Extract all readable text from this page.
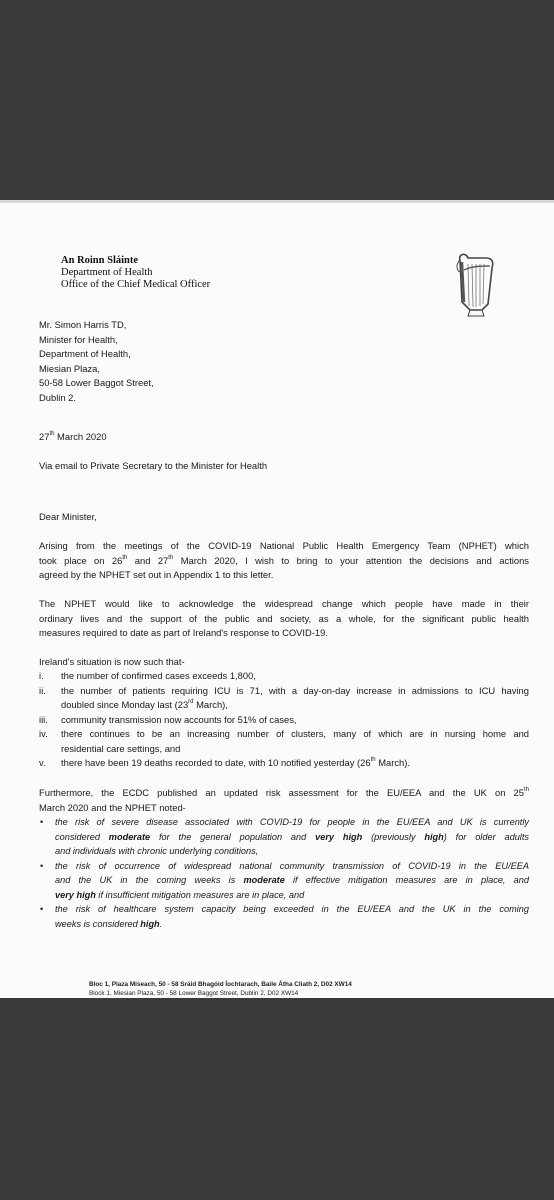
An Roinn Sláinte
Department of Health
Office of the Chief Medical Officer

Mr. Simon Harris TD,

Minister for Health,

Department of Health,

Miesian Plaza,

50-58 Lower Baggot Street,

Dublin 2.

27th March 2020
Via email to Private Secretary to the Minister for Health
Dear Minister,

Arising from the meetings of the COVID-19 National Public Health Emergency Team (NPHET) which

took place on 26th and 27th March 2020, I wish to bring to your attention the decisions and actions

agreed by the NPHET set out in Appendix 1 to this letter.

The NPHET would like to acknowledge the widespread change which people have made in their

ordinary lives and the support of the public and society, as a whole, for the significant public health

measures required to date as part of Ireland's response to COVID-19.

Ireland's situation is now such that-
i. the number of confirmed cases exceeds 1,800,
ii. the number of patients requiring ICU is 71, with a day-on-day increase in admissions to ICU having
doubled since Monday last (23rd March),
iii. community transmission now accounts for 51% of cases,
iv. there continues to be an increasing number of clusters, many of which are in nursing home and
residential care settings, and
v. there have been 19 deaths recorded to date, with 10 notified yesterday (26th March).

Furthermore, the ECDC published an updated risk assessment for the EU/EEA and the UK on 25th

March 2020 and the NPHET noted-

• the risk of severe disease associated with COVID-19 for people in the EU/EEA and UK is currently
considered moderate for the general population and very high (previously high) for older adults
and individuals with chronic underlying conditions,
• the risk of occurrence of widespread national community transmission of COVID-19 in the EU/EEA
and the UK in the coming weeks is moderate if effective mitigation measures are in place, and
very high if insufficient mitigation measures are in place, and
• the risk of healthcare system capacity being exceeded in the EU/EEA and the UK in the coming
weeks is considered high.
Bloc 1, Plaza Míseach, 50 - 58 Sráid Bhagóid Íochtarach, Baile Átha Cliath 2, D02 XW14
Block 1, Miesian Plaza, 50 - 58 Lower Baggot Street, Dublin 2, D02 XW14
